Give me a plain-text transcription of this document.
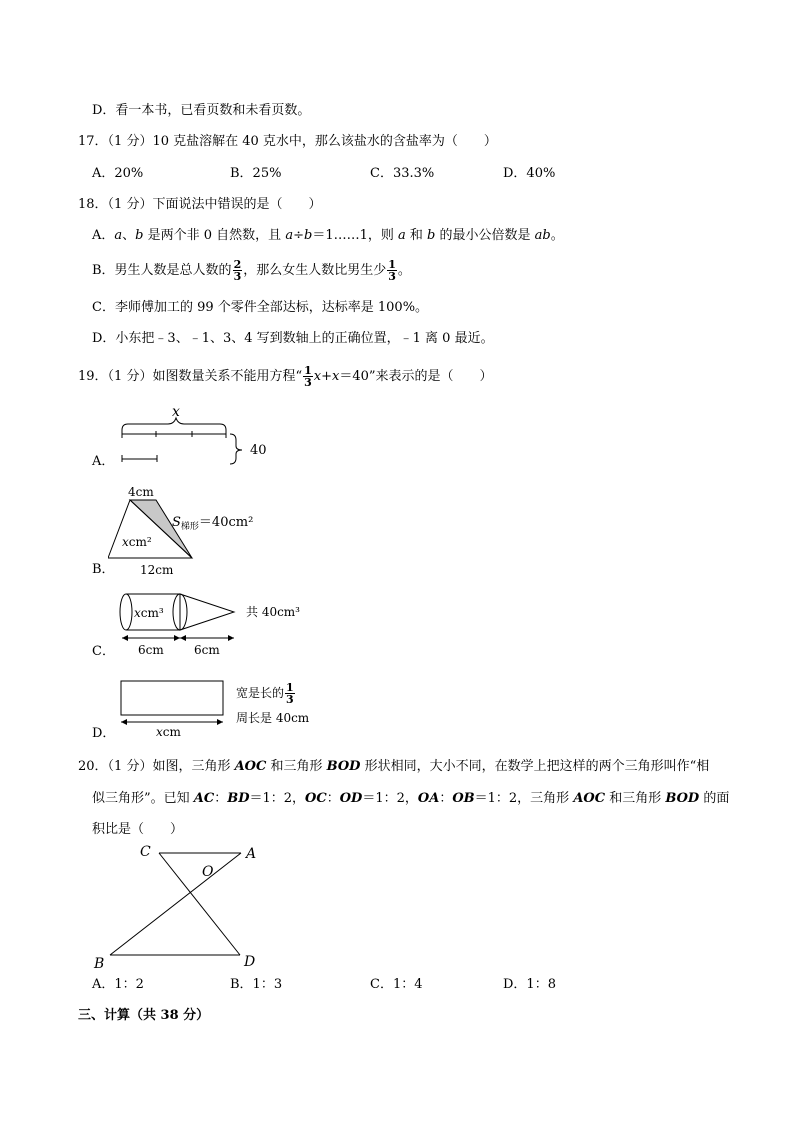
D．看一本书，已看页数和未看页数。
17．（1 分）10 克盐溶解在 40 克水中，那么该盐水的含盐率为（　　）
A．20%	B．25%	C．33.3%	D．40%
18．（1 分）下面说法中错误的是（　　）
A．a、b 是两个非 0 自然数，且 a÷b＝1……1，则 a 和 b 的最小公倍数是 ab。
B．男生人数是总人数的 $\frac{2}{3}$ ，那么女生人数比男生少 $\frac{1}{3}$ 。
C．李师傅加工的 99 个零件全部达标，达标率是 100%。
D．小东把﹣3、﹣1、3、4 写到数轴上的正确位置，﹣1 离 0 最近。
19．（1 分）如图数量关系不能用方程“ $\frac{1}{3} x+x=40$”来表示的是（　　）
A．
x
40
B．
4cm
xcm²
$S_{梯形}=40cm^2$
12cm
C．
xcm³	共 40cm³
6cm	6cm
D．	xcm
宽是长的 $\frac{1}{3}$
周长是 40cm
20．（1 分）如图，三角形 AOC 和三角形 BOD 形状相同，大小不同，在数学上把这样的两个三角形叫作“相
似三角形”。已知 AC：BD＝1：2，OC：OD＝1：2，OA：OB＝1：2，三角形 AOC 和三角形 BOD 的面
积比是（　　）
C	A
O
B	D
A．1：2	B．1：3	C．1：4	D．1：8
三、计算（共 38 分）
